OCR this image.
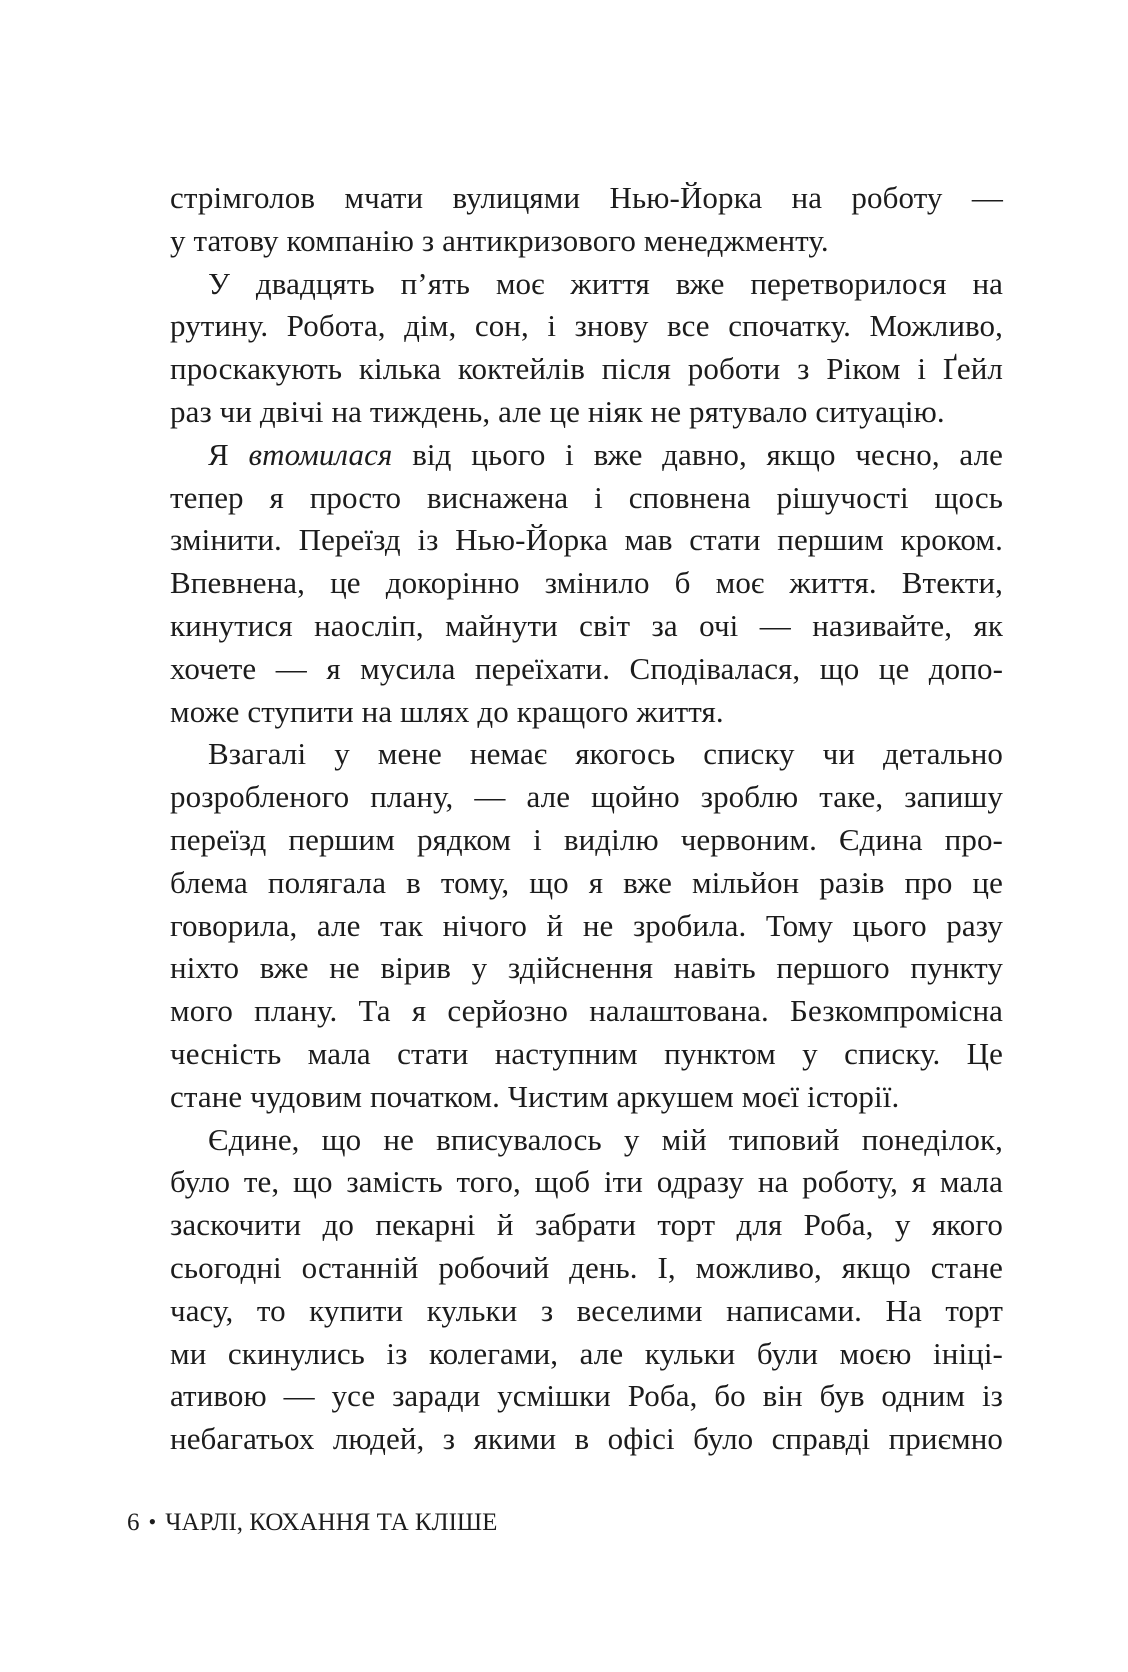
стрімголов мчати вулицями Нью-Йорка на роботу —
у татову компанію з антикризового менеджменту.
У двадцять п’ять моє життя вже перетворилося на
рутину. Робота, дім, сон, і знову все спочатку. Можливо,
проскакують кілька коктейлів після роботи з Ріком і Ґейл
раз чи двічі на тиждень, але це ніяк не рятувало ситуацію.
Я втомилася від цього і вже давно, якщо чесно, але
тепер я просто виснажена і сповнена рішучості щось
змінити. Переїзд із Нью-Йорка мав стати першим кроком.
Впевнена, це докорінно змінило б моє життя. Втекти,
кинутися наосліп, майнути світ за очі — називайте, як
хочете — я мусила переїхати. Сподівалася, що це допо-
може ступити на шлях до кращого життя.
Взагалі у мене немає якогось списку чи детально
розробленого плану, — але щойно зроблю таке, запишу
переїзд першим рядком і виділю червоним. Єдина про-
блема полягала в тому, що я вже мільйон разів про це
говорила, але так нічого й не зробила. Тому цього разу
ніхто вже не вірив у здійснення навіть першого пункту
мого плану. Та я серйозно налаштована. Безкомпромісна
чесність мала стати наступним пунктом у списку. Це
стане чудовим початком. Чистим аркушем моєї історії.
Єдине, що не вписувалось у мій типовий понеділок,
було те, що замість того, щоб іти одразу на роботу, я мала
заскочити до пекарні й забрати торт для Роба, у якого
сьогодні останній робочий день. І, можливо, якщо стане
часу, то купити кульки з веселими написами. На торт
ми скинулись із колегами, але кульки були моєю ініці-
ативою — усе заради усмішки Роба, бо він був одним із
небагатьох людей, з якими в офісі було справді приємно
6 • ЧАРЛІ, КОХАННЯ ТА КЛІШЕ
